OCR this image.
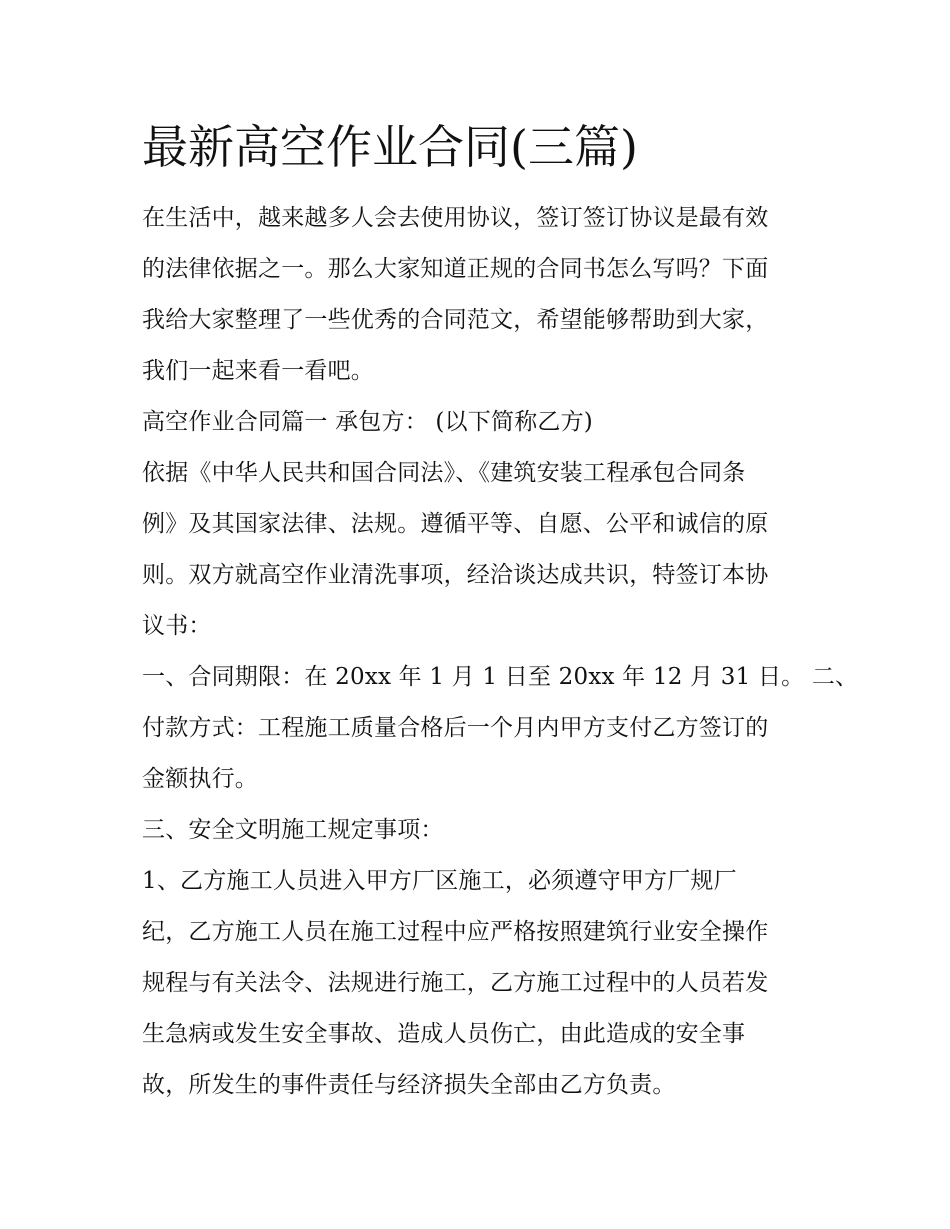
最新高空作业合同(三篇)

在生活中，越来越多人会去使用协议，签订签订协议是最有效

的法律依据之一。那么大家知道正规的合同书怎么写吗？下面

我给大家整理了一些优秀的合同范文，希望能够帮助到大家，

我们一起来看一看吧。

高空作业合同篇一 承包方： (以下简称乙方)

依据《中华人民共和国合同法》、《建筑安装工程承包合同条

例》及其国家法律、法规。遵循平等、自愿、公平和诚信的原

则。双方就高空作业清洗事项，经洽谈达成共识，特签订本协

议书：

一、合同期限：在 20xx 年 1 月 1 日至 20xx 年 12 月 31 日。 二、

付款方式：工程施工质量合格后一个月内甲方支付乙方签订的

金额执行。

三、安全文明施工规定事项：

1、乙方施工人员进入甲方厂区施工，必须遵守甲方厂规厂

纪，乙方施工人员在施工过程中应严格按照建筑行业安全操作

规程与有关法令、法规进行施工，乙方施工过程中的人员若发

生急病或发生安全事故、造成人员伤亡，由此造成的安全事

故，所发生的事件责任与经济损失全部由乙方负责。
